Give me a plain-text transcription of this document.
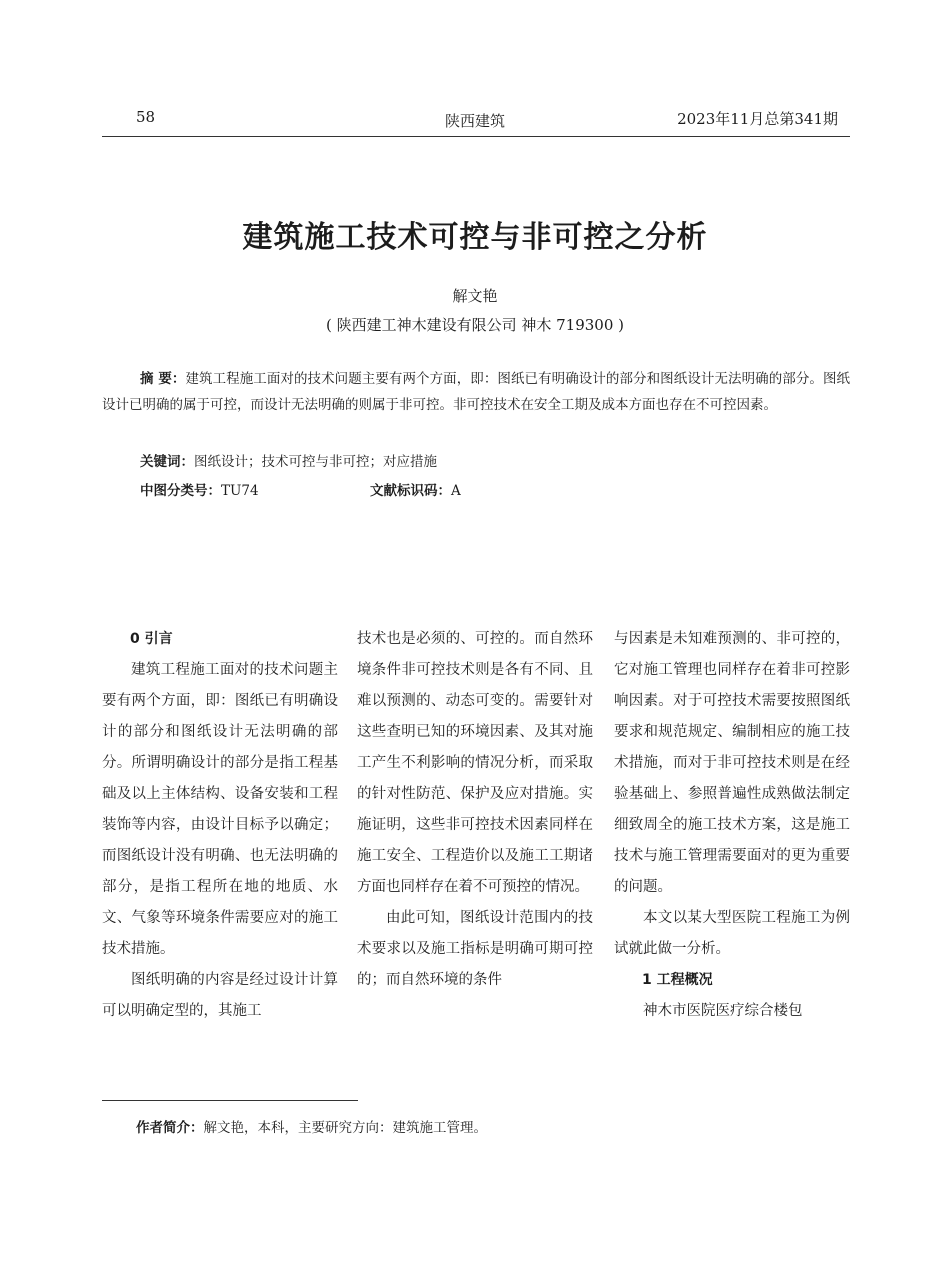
58	陕西建筑	2023年11月总第341期
建筑施工技术可控与非可控之分析
解文艳
( 陕西建工神木建设有限公司 神木 719300 )
摘 要：建筑工程施工面对的技术问题主要有两个方面，即：图纸已有明确设计的部分和图纸设计无法明确的部分。图纸设计已明确的属于可控，而设计无法明确的则属于非可控。非可控技术在安全工期及成本方面也存在不可控因素。
关键词：图纸设计；技术可控与非可控；对应措施
中图分类号：TU74	文献标识码：A
0 引言

建筑工程施工面对的技术问题主要有两个方面，即：图纸已有明确设计的部分和图纸设计无法明确的部分。所谓明确设计的部分是指工程基础及以上主体结构、设备安装和工程装饰等内容，由设计目标予以确定；而图纸设计没有明确、也无法明确的部分，是指工程所在地的地质、水文、气象等环境条件需要应对的施工技术措施。

图纸明确的内容是经过设计计算可以明确定型的，其施工

技术也是必须的、可控的。而自然环境条件非可控技术则是各有不同、且难以预测的、动态可变的。需要针对这些查明已知的环境因素、及其对施工产生不利影响的情况分析，而采取的针对性防范、保护及应对措施。实施证明，这些非可控技术因素同样在施工安全、工程造价以及施工工期诸方面也同样存在着不可预控的情况。

由此可知，图纸设计范围内的技术要求以及施工指标是明确可期可控的；而自然环境的条件

与因素是未知难预测的、非可控的，它对施工管理也同样存在着非可控影响因素。对于可控技术需要按照图纸要求和规范规定、编制相应的施工技术措施，而对于非可控技术则是在经验基础上、参照普遍性成熟做法制定细致周全的施工技术方案，这是施工技术与施工管理需要面对的更为重要的问题。

本文以某大型医院工程施工为例试就此做一分析。

1 工程概况

神木市医院医疗综合楼包

作者简介：解文艳，本科，主要研究方向：建筑施工管理。
